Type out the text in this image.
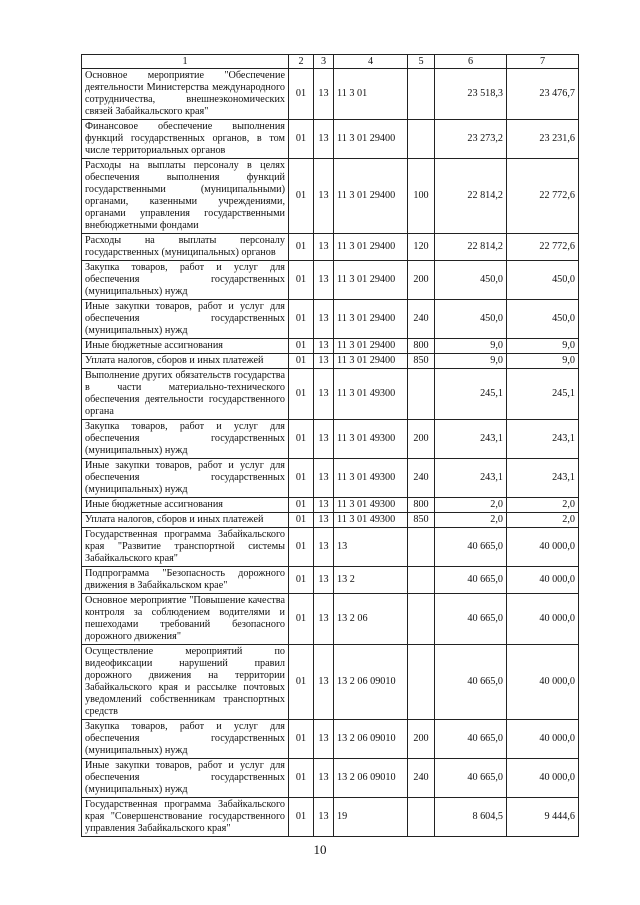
1	2	3	4	5	6	7
Основное мероприятие "Обеспечение деятельности Министерства международного сотрудничества, внешнеэкономических связей Забайкальского края"	01	13	11 3 01		23 518,3	23 476,7
Финансовое обеспечение выполнения функций государственных органов, в том числе территориальных органов	01	13	11 3 01 29400		23 273,2	23 231,6
Расходы на выплаты персоналу в целях обеспечения выполнения функций государственными (муниципальными) органами, казенными учреждениями, органами управления государственными внебюджетными фондами	01	13	11 3 01 29400	100	22 814,2	22 772,6
Расходы на выплаты персоналу государственных (муниципальных) органов	01	13	11 3 01 29400	120	22 814,2	22 772,6
Закупка товаров, работ и услуг для обеспечения государственных (муниципальных) нужд	01	13	11 3 01 29400	200	450,0	450,0
Иные закупки товаров, работ и услуг для обеспечения государственных (муниципальных) нужд	01	13	11 3 01 29400	240	450,0	450,0
Иные бюджетные ассигнования	01	13	11 3 01 29400	800	9,0	9,0
Уплата налогов, сборов и иных платежей	01	13	11 3 01 29400	850	9,0	9,0
Выполнение других обязательств государства в части материально-технического обеспечения деятельности государственного органа	01	13	11 3 01 49300		245,1	245,1
Закупка товаров, работ и услуг для обеспечения государственных (муниципальных) нужд	01	13	11 3 01 49300	200	243,1	243,1
Иные закупки товаров, работ и услуг для обеспечения государственных (муниципальных) нужд	01	13	11 3 01 49300	240	243,1	243,1
Иные бюджетные ассигнования	01	13	11 3 01 49300	800	2,0	2,0
Уплата налогов, сборов и иных платежей	01	13	11 3 01 49300	850	2,0	2,0
Государственная программа Забайкальского края "Развитие транспортной системы Забайкальского края"	01	13	13		40 665,0	40 000,0
Подпрограмма "Безопасность дорожного движения в Забайкальском крае"	01	13	13 2		40 665,0	40 000,0
Основное мероприятие "Повышение качества контроля за соблюдением водителями и пешеходами требований безопасного дорожного движения"	01	13	13 2 06		40 665,0	40 000,0
Осуществление мероприятий по видеофиксации нарушений правил дорожного движения на территории Забайкальского края и рассылке почтовых уведомлений собственникам транспортных средств	01	13	13 2 06 09010		40 665,0	40 000,0
Закупка товаров, работ и услуг для обеспечения государственных (муниципальных) нужд	01	13	13 2 06 09010	200	40 665,0	40 000,0
Иные закупки товаров, работ и услуг для обеспечения государственных (муниципальных) нужд	01	13	13 2 06 09010	240	40 665,0	40 000,0
Государственная программа Забайкальского края "Совершенствование государственного управления Забайкальского края"	01	13	19		8 604,5	9 444,6
10
